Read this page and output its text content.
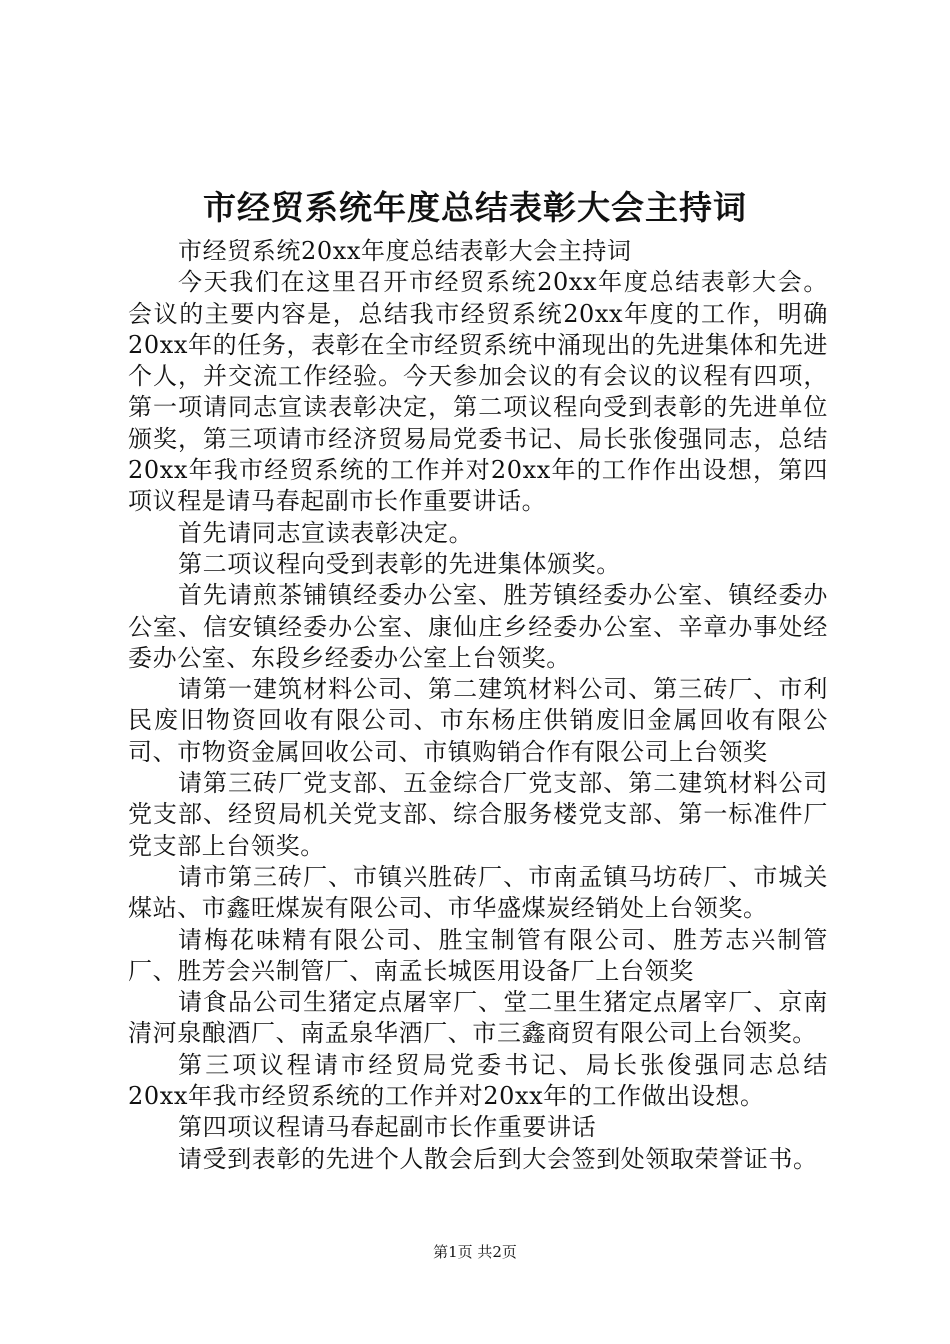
市经贸系统年度总结表彰大会主持词

市经贸系统20xx年度总结表彰大会主持词

今天我们在这里召开市经贸系统20xx年度总结表彰大会。会议的主要内容是，总结我市经贸系统20xx年度的工作，明确20xx年的任务，表彰在全市经贸系统中涌现出的先进集体和先进个人，并交流工作经验。今天参加会议的有会议的议程有四项，第一项请同志宣读表彰决定，第二项议程向受到表彰的先进单位颁奖，第三项请市经济贸易局党委书记、局长张俊强同志，总结20xx年我市经贸系统的工作并对20xx年的工作作出设想，第四项议程是请马春起副市长作重要讲话。

首先请同志宣读表彰决定。

第二项议程向受到表彰的先进集体颁奖。

首先请煎茶铺镇经委办公室、胜芳镇经委办公室、镇经委办公室、信安镇经委办公室、康仙庄乡经委办公室、辛章办事处经委办公室、东段乡经委办公室上台领奖。

请第一建筑材料公司、第二建筑材料公司、第三砖厂、市利民废旧物资回收有限公司、市东杨庄供销废旧金属回收有限公司、市物资金属回收公司、市镇购销合作有限公司上台领奖

请第三砖厂党支部、五金综合厂党支部、第二建筑材料公司党支部、经贸局机关党支部、综合服务楼党支部、第一标准件厂党支部上台领奖。

请市第三砖厂、市镇兴胜砖厂、市南孟镇马坊砖厂、市城关煤站、市鑫旺煤炭有限公司、市华盛煤炭经销处上台领奖。

请梅花味精有限公司、胜宝制管有限公司、胜芳志兴制管厂、胜芳会兴制管厂、南孟长城医用设备厂上台领奖

请食品公司生猪定点屠宰厂、堂二里生猪定点屠宰厂、京南清河泉酿酒厂、南孟泉华酒厂、市三鑫商贸有限公司上台领奖。

第三项议程请市经贸局党委书记、局长张俊强同志总结20xx年我市经贸系统的工作并对20xx年的工作做出设想。

第四项议程请马春起副市长作重要讲话

请受到表彰的先进个人散会后到大会签到处领取荣誉证书。

第1页 共2页
